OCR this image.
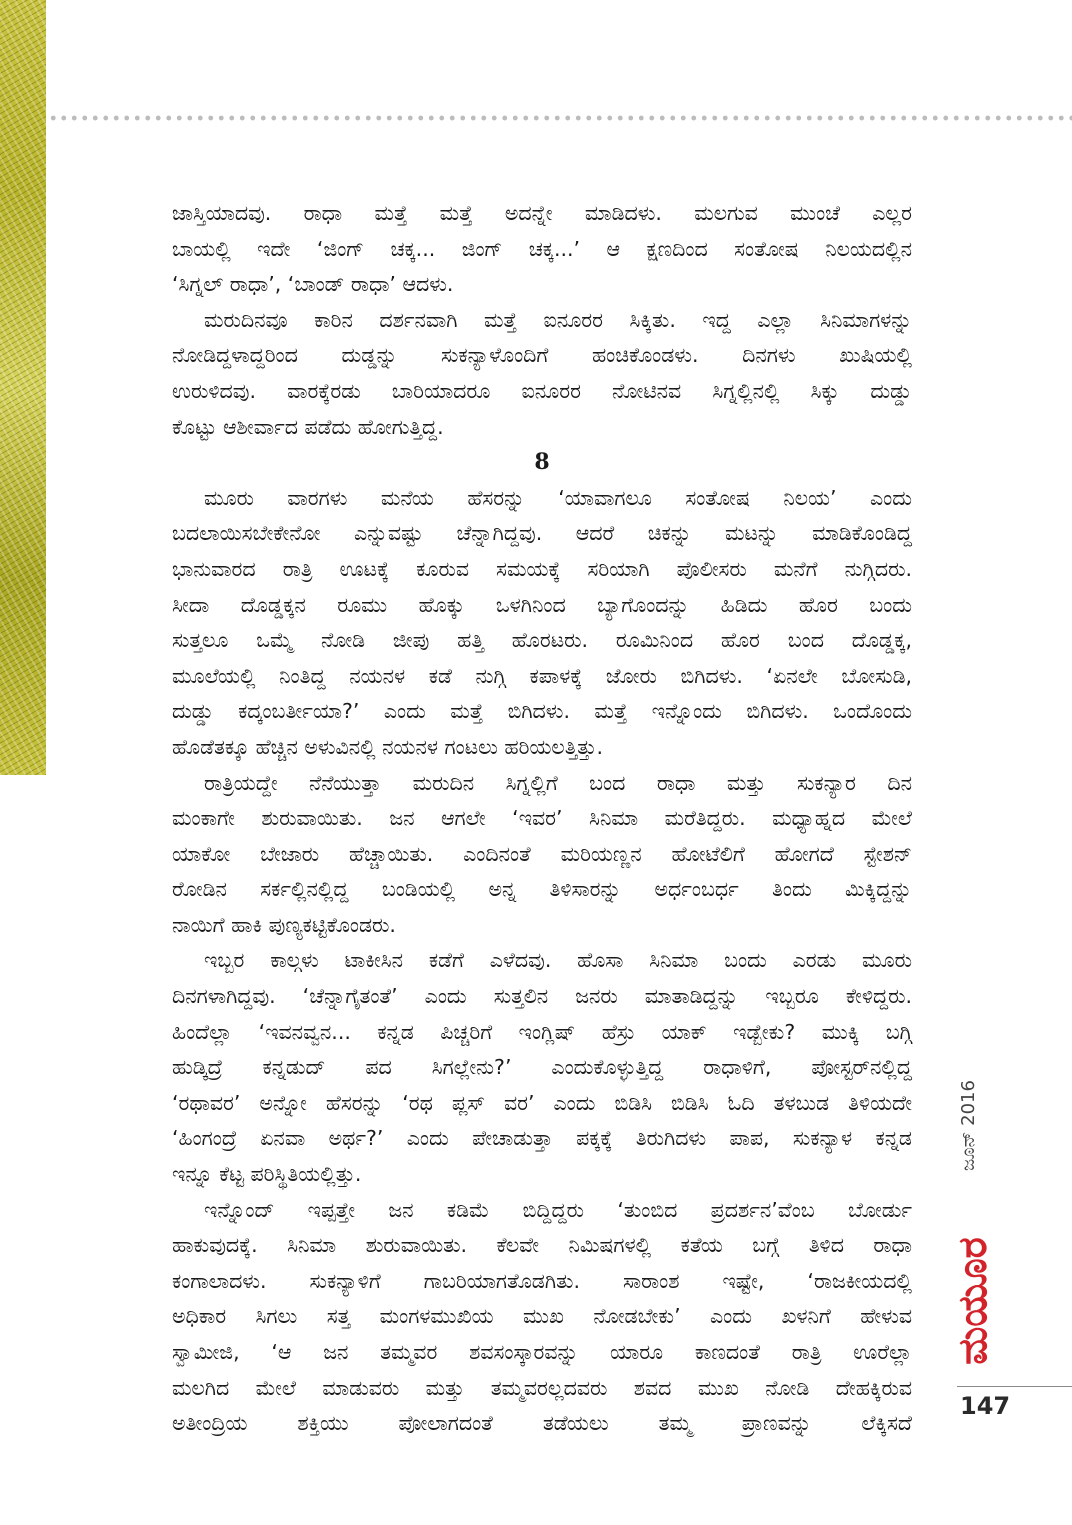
ಜಾಸ್ತಿಯಾದವು. ರಾಧಾ ಮತ್ತೆ ಮತ್ತೆ ಅದನ್ನೇ ಮಾಡಿದಳು. ಮಲಗುವ ಮುಂಚೆ ಎಲ್ಲರ
ಬಾಯಲ್ಲಿ ಇದೇ ‘ಜಿಂಗ್ ಚಕ್ಕ... ಜಿಂಗ್ ಚಕ್ಕ...’ ಆ ಕ್ಷಣದಿಂದ ಸಂತೋಷ ನಿಲಯದಲ್ಲಿನ
‘ಸಿಗ್ನಲ್ ರಾಧಾ’, ‘ಬಾಂಡ್ ರಾಧಾ’ ಆದಳು.
ಮರುದಿನವೂ ಕಾರಿನ ದರ್ಶನವಾಗಿ ಮತ್ತೆ ಐನೂರರ ಸಿಕ್ಕಿತು. ಇದ್ದ ಎಲ್ಲಾ ಸಿನಿಮಾಗಳನ್ನು
ನೋಡಿದ್ದಳಾದ್ದರಿಂದ ದುಡ್ಡನ್ನು ಸುಕನ್ಯಾಳೊಂದಿಗೆ ಹಂಚಿಕೊಂಡಳು. ದಿನಗಳು ಖುಷಿಯಲ್ಲಿ
ಉರುಳಿದವು. ವಾರಕ್ಕೆರಡು ಬಾರಿಯಾದರೂ ಐನೂರರ ನೋಟಿನವ ಸಿಗ್ನಲ್ಲಿನಲ್ಲಿ ಸಿಕ್ಕು ದುಡ್ಡು
ಕೊಟ್ಟು ಆಶೀರ್ವಾದ ಪಡೆದು ಹೋಗುತ್ತಿದ್ದ.
8
ಮೂರು ವಾರಗಳು ಮನೆಯ ಹೆಸರನ್ನು ‘ಯಾವಾಗಲೂ ಸಂತೋಷ ನಿಲಯ’ ಎಂದು
ಬದಲಾಯಿಸಬೇಕೇನೋ ಎನ್ನುವಷ್ಟು ಚೆನ್ನಾಗಿದ್ದವು. ಆದರೆ ಚಿಕನ್ನು ಮಟನ್ನು ಮಾಡಿಕೊಂಡಿದ್ದ
ಭಾನುವಾರದ ರಾತ್ರಿ ಊಟಕ್ಕೆ ಕೂರುವ ಸಮಯಕ್ಕೆ ಸರಿಯಾಗಿ ಪೊಲೀಸರು ಮನೆಗೆ ನುಗ್ಗಿದರು.
ಸೀದಾ ದೊಡ್ಡಕ್ಕನ ರೂಮು ಹೊಕ್ಕು ಒಳಗಿನಿಂದ ಬ್ಯಾಗೊಂದನ್ನು ಹಿಡಿದು ಹೊರ ಬಂದು
ಸುತ್ತಲೂ ಒಮ್ಮೆ ನೋಡಿ ಜೀಪು ಹತ್ತಿ ಹೊರಟರು. ರೂಮಿನಿಂದ ಹೊರ ಬಂದ ದೊಡ್ಡಕ್ಕ,
ಮೂಲೆಯಲ್ಲಿ ನಿಂತಿದ್ದ ನಯನಳ ಕಡೆ ನುಗ್ಗಿ ಕಪಾಳಕ್ಕೆ ಜೋರು ಬಿಗಿದಳು. ‘ಏನಲೇ ಬೋಸುಡಿ,
ದುಡ್ಡು ಕದ್ಕಂಬರ್ತೀಯಾ?’ ಎಂದು ಮತ್ತೆ ಬಿಗಿದಳು. ಮತ್ತೆ ಇನ್ನೊಂದು ಬಿಗಿದಳು. ಒಂದೊಂದು
ಹೊಡೆತಕ್ಕೂ ಹೆಚ್ಚಿನ ಅಳುವಿನಲ್ಲಿ ನಯನಳ ಗಂಟಲು ಹರಿಯಲತ್ತಿತ್ತು.
ರಾತ್ರಿಯದ್ದೇ ನೆನೆಯುತ್ತಾ ಮರುದಿನ ಸಿಗ್ನಲ್ಲಿಗೆ ಬಂದ ರಾಧಾ ಮತ್ತು ಸುಕನ್ಯಾರ ದಿನ
ಮಂಕಾಗೇ ಶುರುವಾಯಿತು. ಜನ ಆಗಲೇ ‘ಇವರ’ ಸಿನಿಮಾ ಮರೆತಿದ್ದರು. ಮಧ್ಯಾಹ್ನದ ಮೇಲೆ
ಯಾಕೋ ಬೇಜಾರು ಹೆಚ್ಚಾಯಿತು. ಎಂದಿನಂತೆ ಮರಿಯಣ್ಣನ ಹೋಟೆಲಿಗೆ ಹೋಗದೆ ಸ್ಟೇಶನ್
ರೋಡಿನ ಸರ್ಕಲ್ಲಿನಲ್ಲಿದ್ದ ಬಂಡಿಯಲ್ಲಿ ಅನ್ನ ತಿಳಿಸಾರನ್ನು ಅರ್ಧಂಬರ್ಧ ತಿಂದು ಮಿಕ್ಕಿದ್ದನ್ನು
ನಾಯಿಗೆ ಹಾಕಿ ಪುಣ್ಯಕಟ್ಟಿಕೊಂಡರು.
ಇಬ್ಬರ ಕಾಲ್ಗಳು ಟಾಕೀಸಿನ ಕಡೆಗೆ ಎಳೆದವು. ಹೊಸಾ ಸಿನಿಮಾ ಬಂದು ಎರಡು ಮೂರು
ದಿನಗಳಾಗಿದ್ದವು. ‘ಚೆನ್ನಾಗೈತಂತೆ’ ಎಂದು ಸುತ್ತಲಿನ ಜನರು ಮಾತಾಡಿದ್ದನ್ನು ಇಬ್ಬರೂ ಕೇಳಿದ್ದರು.
ಹಿಂದೆಲ್ಲಾ ‘ಇವನವ್ವನ... ಕನ್ನಡ ಪಿಚ್ಚರಿಗೆ ಇಂಗ್ಲಿಷ್ ಹೆಸ್ರು ಯಾಕ್ ಇಡ್ಬೇಕು? ಮುಕ್ಕಿ ಬಗ್ಗಿ
ಹುಡ್ಕಿದ್ರೆ ಕನ್ನಡುದ್ ಪದ ಸಿಗಲ್ಲೇನು?’ ಎಂದುಕೊಳ್ಳುತ್ತಿದ್ದ ರಾಧಾಳಿಗೆ, ಪೋಸ್ಟರ್‌ನಲ್ಲಿದ್ದ
‘ರಥಾವರ’ ಅನ್ನೋ ಹೆಸರನ್ನು ‘ರಥ ಪ್ಲಸ್ ವರ’ ಎಂದು ಬಿಡಿಸಿ ಬಿಡಿಸಿ ಓದಿ ತಳಬುಡ ತಿಳಿಯದೇ
‘ಹಿಂಗಂದ್ರೆ ಏನವಾ ಅರ್ಥ?’ ಎಂದು ಪೇಚಾಡುತ್ತಾ ಪಕ್ಕಕ್ಕೆ ತಿರುಗಿದಳು ಪಾಪ, ಸುಕನ್ಯಾಳ ಕನ್ನಡ
ಇನ್ನೂ ಕೆಟ್ಟ ಪರಿಸ್ಥಿತಿಯಲ್ಲಿತ್ತು.
ಇನ್ನೊಂದ್ ಇಪ್ಪತ್ತೇ ಜನ ಕಡಿಮೆ ಬಿದ್ದಿದ್ದರು ‘ತುಂಬಿದ ಪ್ರದರ್ಶನ’ವೆಂಬ ಬೋರ್ಡು
ಹಾಕುವುದಕ್ಕೆ. ಸಿನಿಮಾ ಶುರುವಾಯಿತು. ಕೆಲವೇ ನಿಮಿಷಗಳಲ್ಲಿ ಕತೆಯ ಬಗ್ಗೆ ತಿಳಿದ ರಾಧಾ
ಕಂಗಾಲಾದಳು. ಸುಕನ್ಯಾಳಿಗೆ ಗಾಬರಿಯಾಗತೊಡಗಿತು. ಸಾರಾಂಶ ಇಷ್ಟೇ, ‘ರಾಜಕೀಯದಲ್ಲಿ
ಅಧಿಕಾರ ಸಿಗಲು ಸತ್ತ ಮಂಗಳಮುಖಿಯ ಮುಖ ನೋಡಬೇಕು’ ಎಂದು ಖಳನಿಗೆ ಹೇಳುವ
ಸ್ವಾಮೀಜಿ, ‘ಆ ಜನ ತಮ್ಮವರ ಶವಸಂಸ್ಕಾರವನ್ನು ಯಾರೂ ಕಾಣದಂತೆ ರಾತ್ರಿ ಊರೆಲ್ಲಾ
ಮಲಗಿದ ಮೇಲೆ ಮಾಡುವರು ಮತ್ತು ತಮ್ಮವರಲ್ಲದವರು ಶವದ ಮುಖ ನೋಡಿ ದೇಹಕ್ಕಿರುವ
ಅತೀಂದ್ರಿಯ ಶಕ್ತಿಯು ಪೋಲಾಗದಂತೆ ತಡೆಯಲು ತಮ್ಮ ಪ್ರಾಣವನ್ನು ಲೆಕ್ಕಿಸದೆ
ಜೂನ್ 2016
ಮಯೂರ
147
